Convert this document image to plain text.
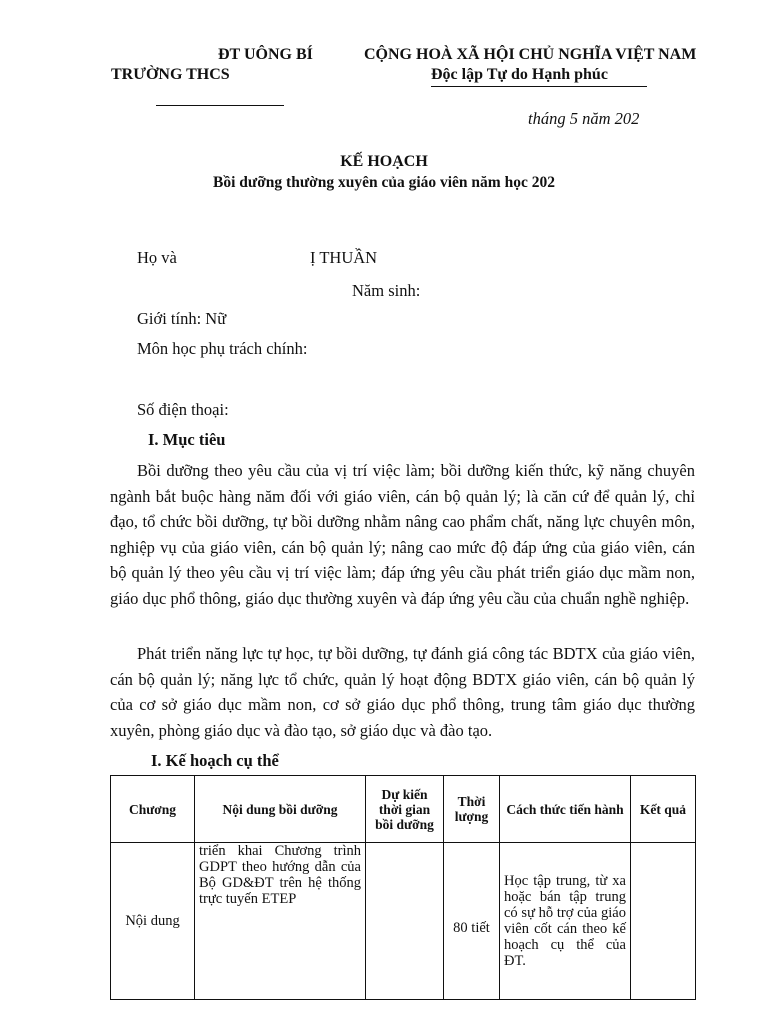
ĐT UÔNG BÍ
TRƯỜNG THCS
CỘNG HOÀ XÃ HỘI CHỦ NGHĨA VIỆT NAM
Độc lập Tự do Hạnh phúc
tháng 5 năm 202
KẾ HOẠCH
Bồi dưỡng thường xuyên của giáo viên năm học 202
Họ và	Ị THUẦN
Năm sinh:
Giới tính: Nữ
Môn học phụ trách chính:
Số điện thoại:
I. Mục tiêu
Bồi dưỡng theo yêu cầu của vị trí việc làm; bồi dưỡng kiến thức, kỹ năng chuyên ngành bắt buộc hàng năm đối với giáo viên, cán bộ quản lý; là căn cứ để quản lý, chỉ đạo, tổ chức bồi dưỡng, tự bồi dưỡng nhằm nâng cao phẩm chất, năng lực chuyên môn, nghiệp vụ của giáo viên, cán bộ quản lý; nâng cao mức độ đáp ứng của giáo viên, cán bộ quản lý theo yêu cầu vị trí việc làm; đáp ứng yêu cầu phát triển giáo dục mầm non, giáo dục phổ thông, giáo dục thường xuyên và đáp ứng yêu cầu của chuẩn nghề nghiệp.
Phát triển năng lực tự học, tự bồi dưỡng, tự đánh giá công tác BDTX của giáo viên, cán bộ quản lý; năng lực tổ chức, quản lý hoạt động BDTX giáo viên, cán bộ quản lý của cơ sở giáo dục mầm non, cơ sở giáo dục phổ thông, trung tâm giáo dục thường xuyên, phòng giáo dục và đào tạo, sở giáo dục và đào tạo.
I. Kế hoạch cụ thể
Chương	Nội dung bồi dưỡng	Dự kiến thời gian bồi dưỡng	Thời lượng	Cách thức tiến hành	Kết quả
Nội dung	triển khai Chương trình GDPT theo hướng dẫn của Bộ GD&ĐT trên hệ thống trực tuyến ETEP		80 tiết	Học tập trung, từ xa hoặc bán tập trung có sự hỗ trợ của giáo viên cốt cán theo kế hoạch cụ thể của ĐT.	
